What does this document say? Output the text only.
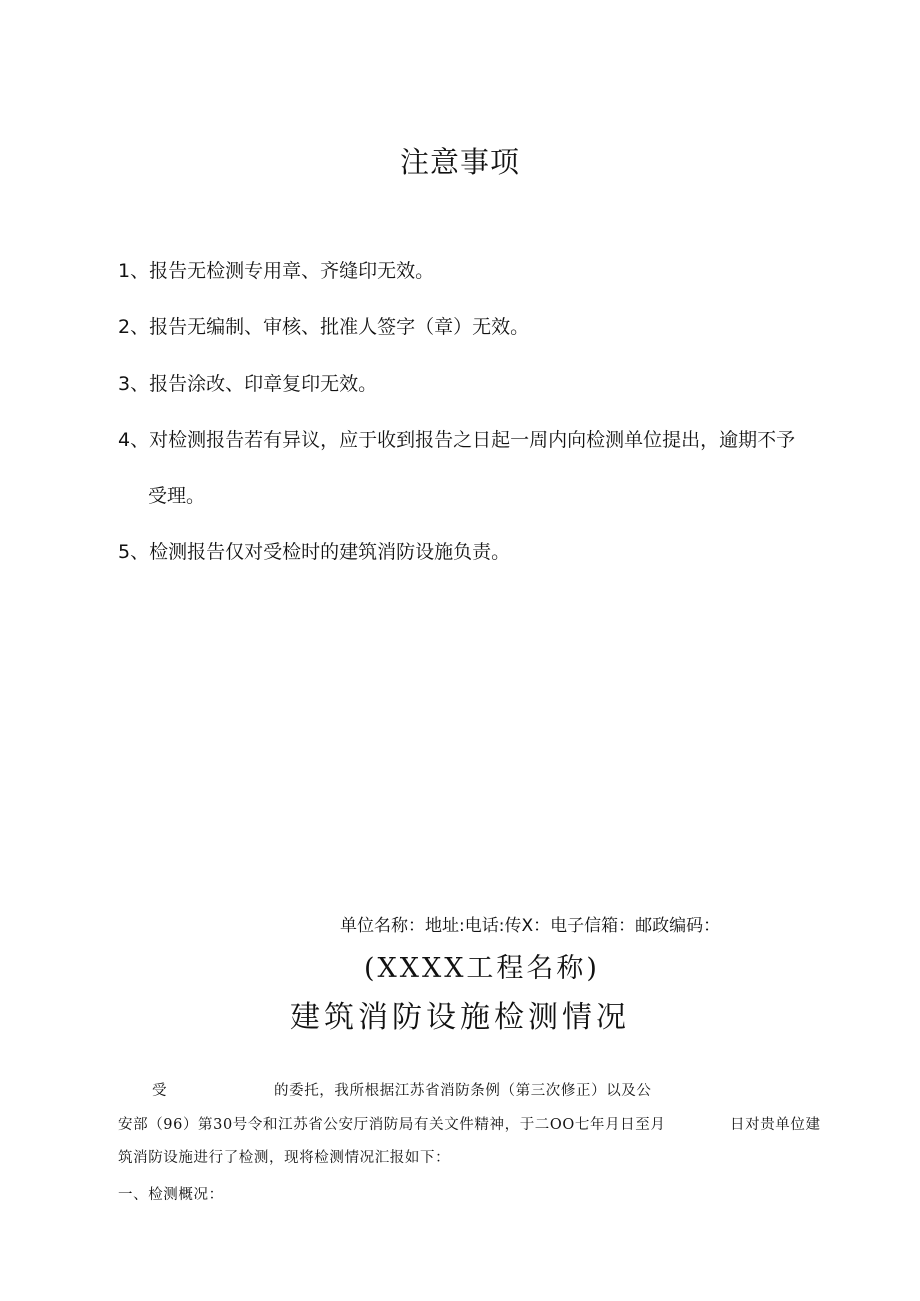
注意事项
1、报告无检测专用章、齐缝印无效。
2、报告无编制、审核、批准人签字（章）无效。
3、报告涂改、印章复印无效。
4、对检测报告若有异议，应于收到报告之日起一周内向检测单位提出，逾期不予
受理。
5、检测报告仅对受检时的建筑消防设施负责。
单位名称：地址:电话:传X：电子信箱：邮政编码：
(XXXX工程名称)
建筑消防设施检测情况
受	的委托，我所根据江苏省消防条例（第三次修正）以及公
安部（96）第30号令和江苏省公安厅消防局有关文件精神，于二OO七年月日至月	日对贵单位建
筑消防设施进行了检测，现将检测情况汇报如下：
一、检测概况：
